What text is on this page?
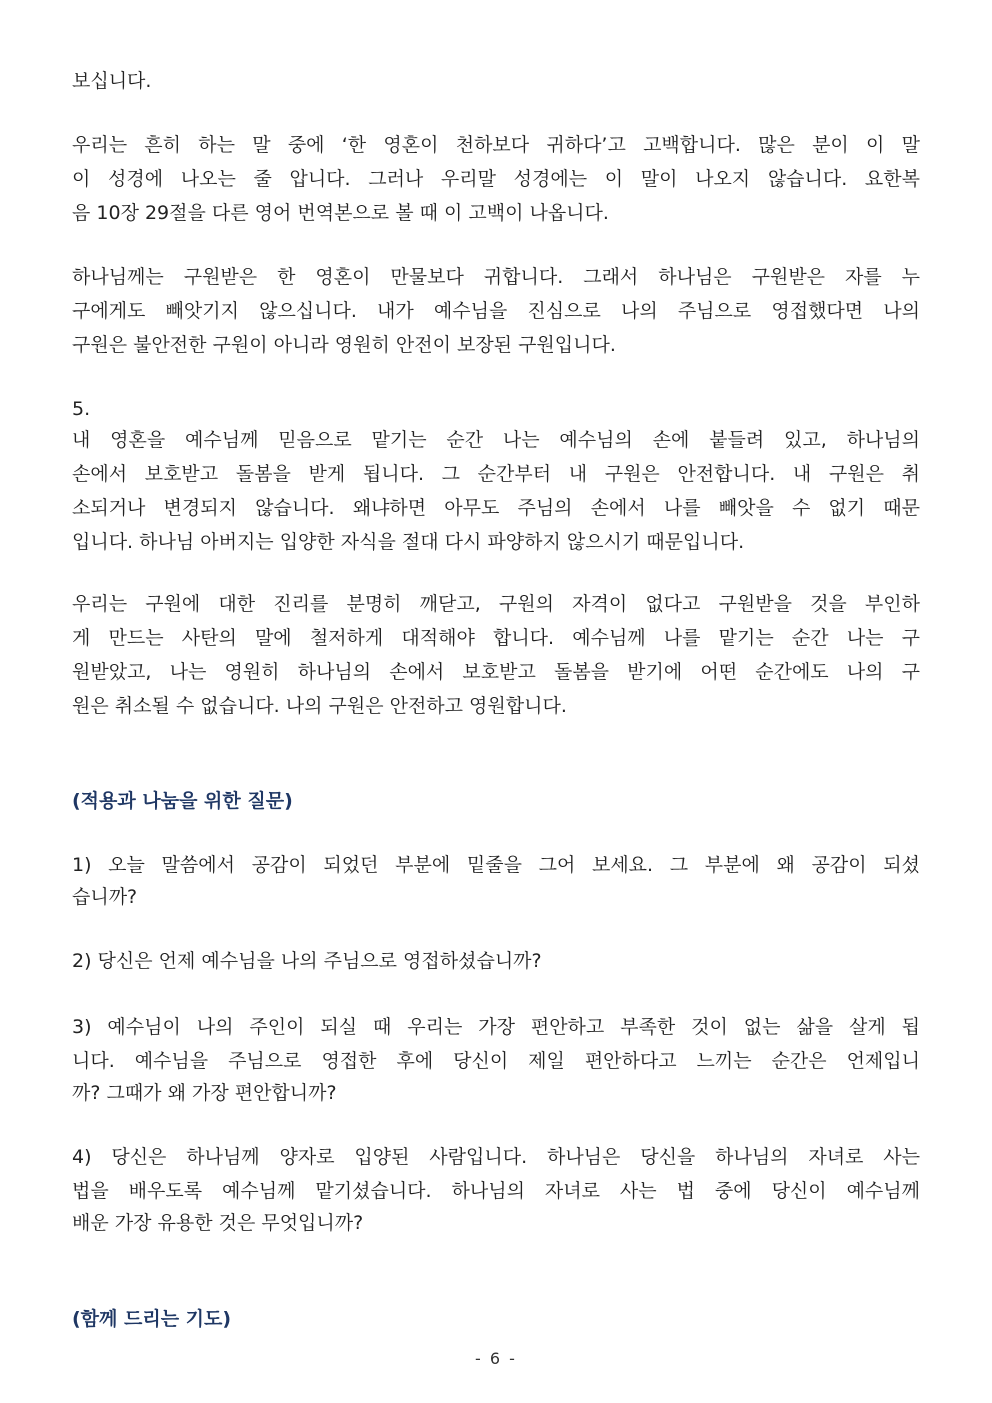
보십니다.
우리는 흔히 하는 말 중에 ‘한 영혼이 천하보다 귀하다’고 고백합니다. 많은 분이 이 말
이 성경에 나오는 줄 압니다. 그러나 우리말 성경에는 이 말이 나오지 않습니다. 요한복
음 10장 29절을 다른 영어 번역본으로 볼 때 이 고백이 나옵니다.
하나님께는 구원받은 한 영혼이 만물보다 귀합니다. 그래서 하나님은 구원받은 자를 누
구에게도 빼앗기지 않으십니다. 내가 예수님을 진심으로 나의 주님으로 영접했다면 나의
구원은 불안전한 구원이 아니라 영원히 안전이 보장된 구원입니다.
5.
내 영혼을 예수님께 믿음으로 맡기는 순간 나는 예수님의 손에 붙들려 있고, 하나님의
손에서 보호받고 돌봄을 받게 됩니다. 그 순간부터 내 구원은 안전합니다. 내 구원은 취
소되거나 변경되지 않습니다. 왜냐하면 아무도 주님의 손에서 나를 빼앗을 수 없기 때문
입니다. 하나님 아버지는 입양한 자식을 절대 다시 파양하지 않으시기 때문입니다.
우리는 구원에 대한 진리를 분명히 깨닫고, 구원의 자격이 없다고 구원받을 것을 부인하
게 만드는 사탄의 말에 철저하게 대적해야 합니다. 예수님께 나를 맡기는 순간 나는 구
원받았고, 나는 영원히 하나님의 손에서 보호받고 돌봄을 받기에 어떤 순간에도 나의 구
원은 취소될 수 없습니다. 나의 구원은 안전하고 영원합니다.
(적용과 나눔을 위한 질문)
1) 오늘 말씀에서 공감이 되었던 부분에 밑줄을 그어 보세요. 그 부분에 왜 공감이 되셨
습니까?
2) 당신은 언제 예수님을 나의 주님으로 영접하셨습니까?
3) 예수님이 나의 주인이 되실 때 우리는 가장 편안하고 부족한 것이 없는 삶을 살게 됩
니다. 예수님을 주님으로 영접한 후에 당신이 제일 편안하다고 느끼는 순간은 언제입니
까? 그때가 왜 가장 편안합니까?
4) 당신은 하나님께 양자로 입양된 사람입니다. 하나님은 당신을 하나님의 자녀로 사는
법을 배우도록 예수님께 맡기셨습니다. 하나님의 자녀로 사는 법 중에 당신이 예수님께
배운 가장 유용한 것은 무엇입니까?
(함께 드리는 기도)
- 6 -
